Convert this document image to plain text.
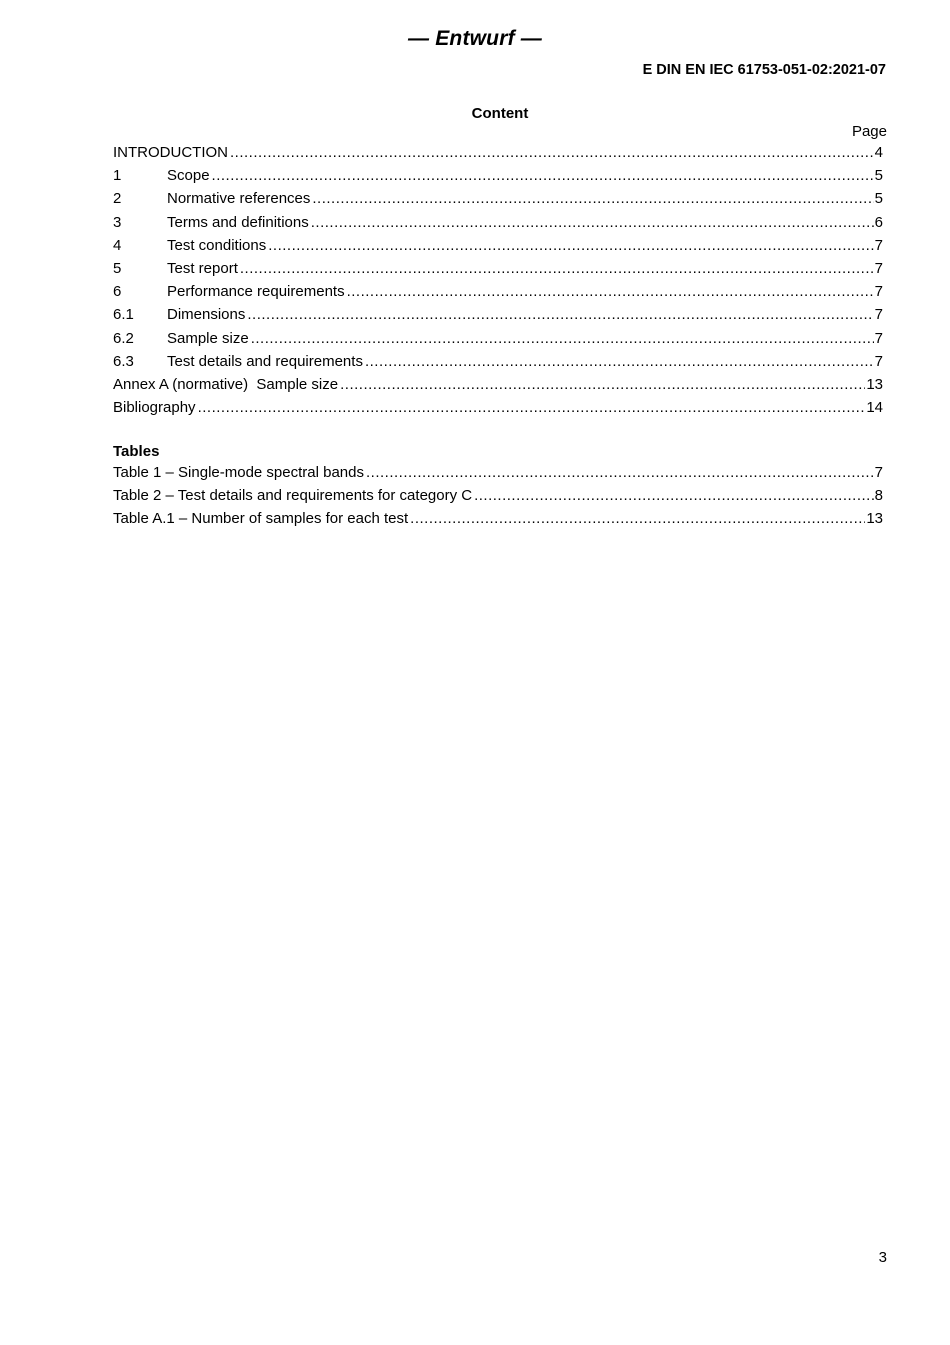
— Entwurf —
E DIN EN IEC 61753-051-02:2021-07
Content
Page
INTRODUCTION .....	4
1	Scope .....	5
2	Normative references .....	5
3	Terms and definitions .....	6
4	Test conditions .....	7
5	Test report .....	7
6	Performance requirements .....	7
6.1	Dimensions .....	7
6.2	Sample size .....	7
6.3	Test details and requirements .....	7
Annex A (normative)  Sample size .....	13
Bibliography .....	14
Tables
Table 1 – Single-mode spectral bands .....	7
Table 2 – Test details and requirements for category C .....	8
Table A.1 – Number of samples for each test .....	13
3
